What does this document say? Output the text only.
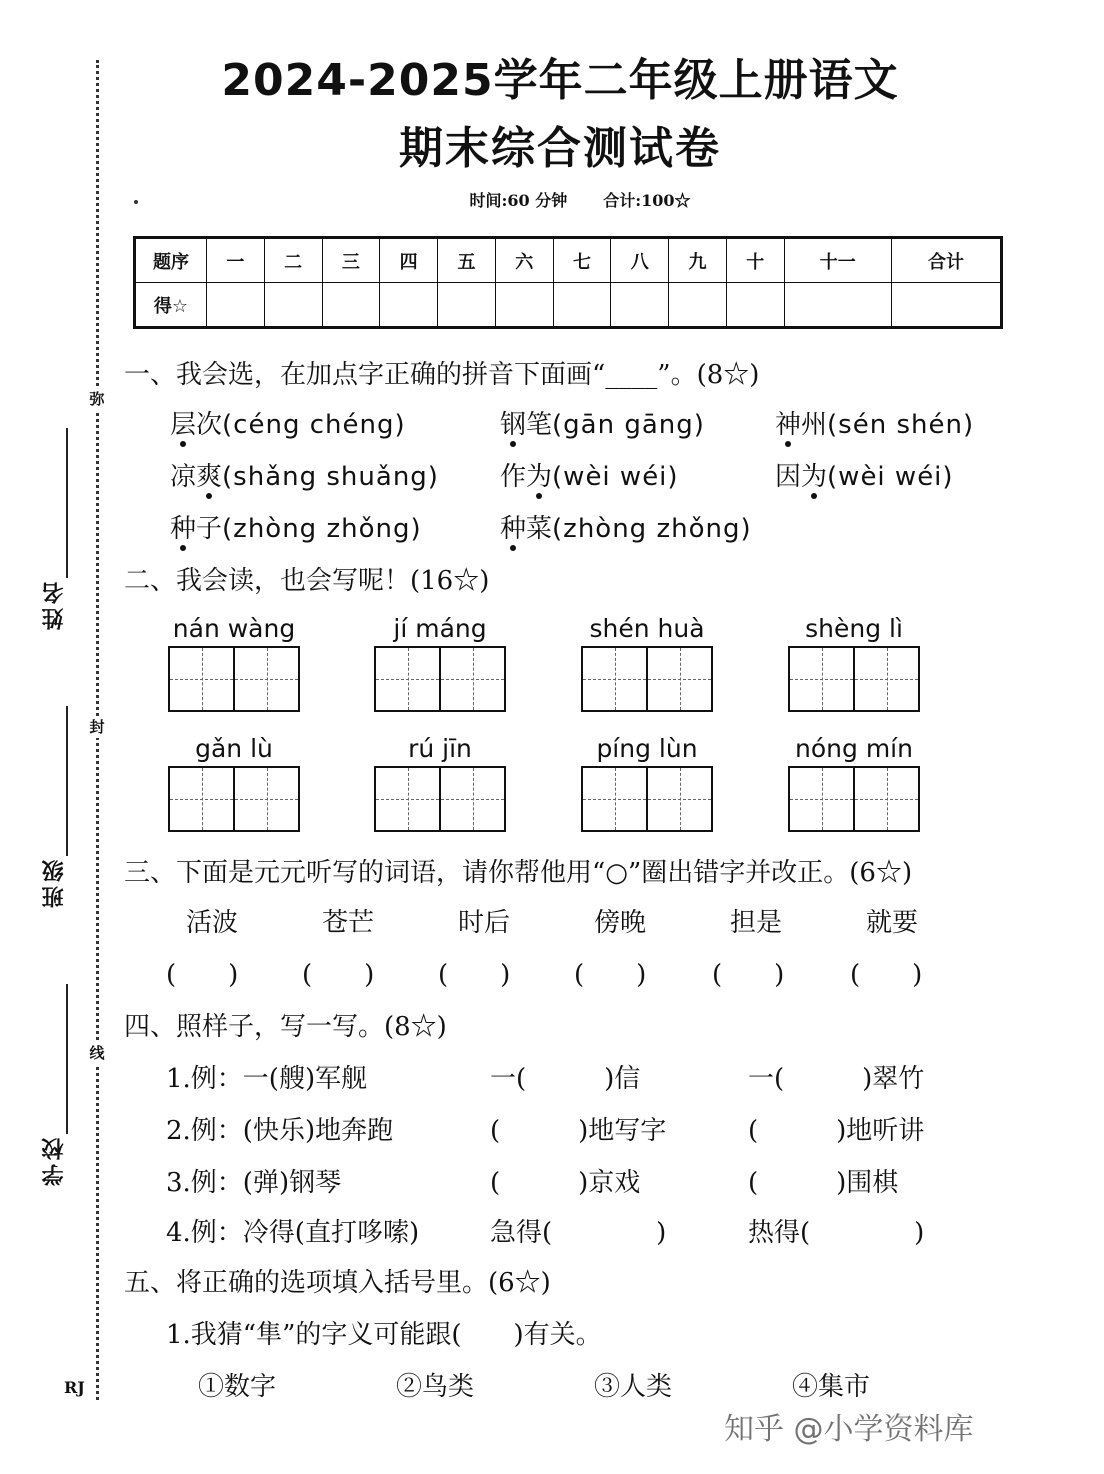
弥
封
线
姓名
班级
学校
RJ
2024-2025学年二年级上册语文
期末综合测试卷
时间:60 分钟 合计:100☆
题序	一	二	三	四	五	六	七	八	九	十	十一	合计
得☆												
一、我会选，在加点字正确的拼音下面画“____”。(8☆)
层次(céng chéng)	钢笔(gān gāng)	神州(sén shén)
凉爽(shǎng shuǎng) 作为(wèi wéi)	因为(wèi wéi)
种子(zhòng zhǒng)	种菜(zhòng zhǒng)
二、我会读，也会写呢！(16☆)
nán wàng	jí máng	shén huà	shèng lì
gǎn lù	rú jīn	píng lùn	nóng mín
三、下面是元元听写的词语，请你帮他用“○”圈出错字并改正。(6☆)
活波	苍芒	时后	傍晚	担是	就要
(　　) (　　) (　　) (　　)	(　　)	(　　)
四、照样子，写一写。(8☆)
1.例：一(艘)军舰	一(　　　)信	一(　　　)翠竹
2.例：(快乐)地奔跑	(　　　)地写字	(　　　)地听讲
3.例：(弹)钢琴	(　　　)京戏	(　　　)围棋
4.例：冷得(直打哆嗦)	急得(　　　　)	热得(　　　　)
五、将正确的选项填入括号里。(6☆)
1.我猜“隼”的字义可能跟(　　)有关。
①数字	②鸟类	③人类	④集市
知乎 @小学资料库
